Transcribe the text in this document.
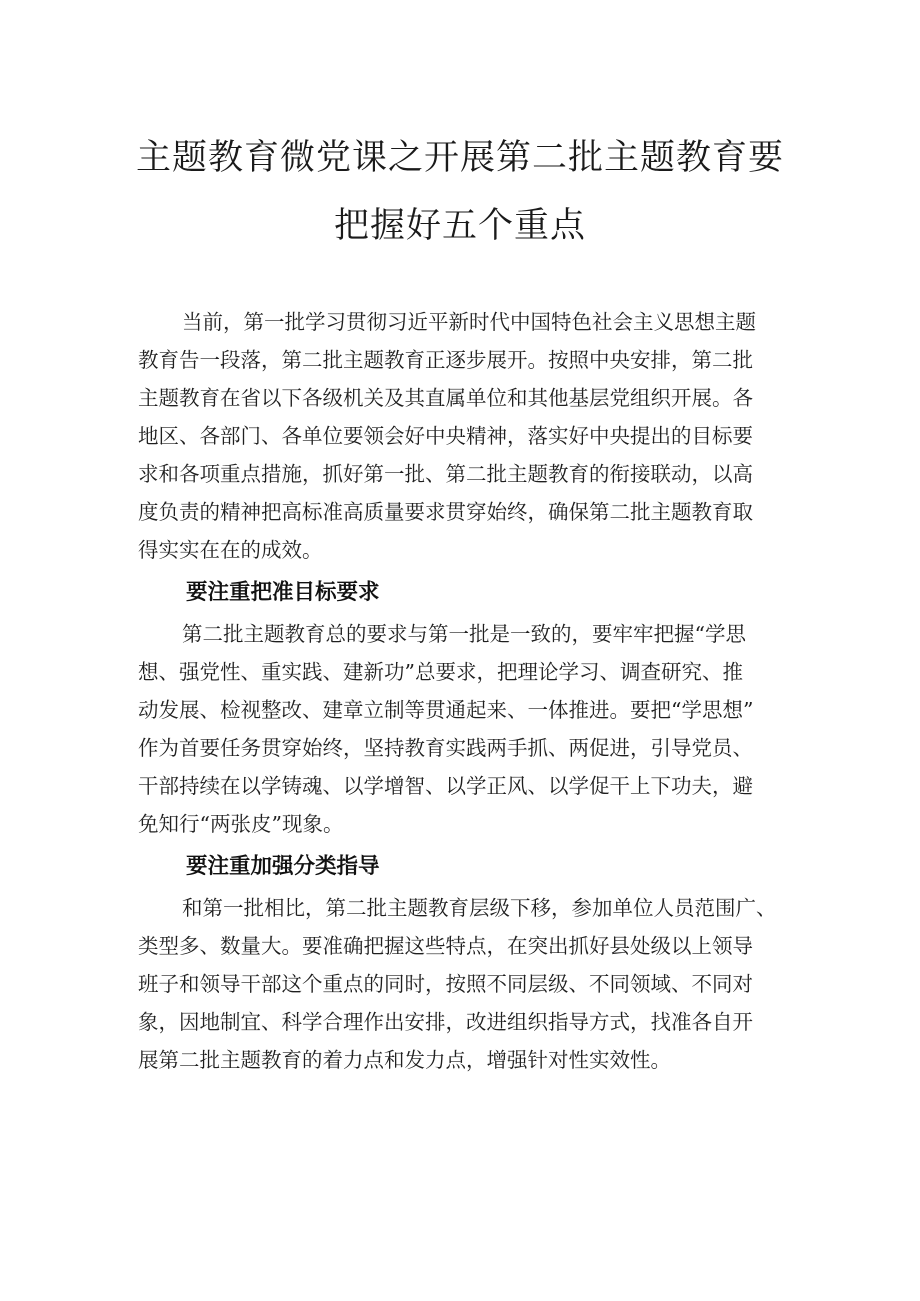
主题教育微党课之开展第二批主题教育要
把握好五个重点
当前，第一批学习贯彻习近平新时代中国特色社会主义思想主题
教育告一段落，第二批主题教育正逐步展开。按照中央安排，第二批
主题教育在省以下各级机关及其直属单位和其他基层党组织开展。各
地区、各部门、各单位要领会好中央精神，落实好中央提出的目标要
求和各项重点措施，抓好第一批、第二批主题教育的衔接联动，以高
度负责的精神把高标准高质量要求贯穿始终，确保第二批主题教育取
得实实在在的成效。
要注重把准目标要求
第二批主题教育总的要求与第一批是一致的，要牢牢把握“学思
想、强党性、重实践、建新功”总要求，把理论学习、调查研究、推
动发展、检视整改、建章立制等贯通起来、一体推进。要把“学思想”
作为首要任务贯穿始终，坚持教育实践两手抓、两促进，引导党员、
干部持续在以学铸魂、以学增智、以学正风、以学促干上下功夫，避
免知行“两张皮”现象。
要注重加强分类指导
和第一批相比，第二批主题教育层级下移，参加单位人员范围广、
类型多、数量大。要准确把握这些特点，在突出抓好县处级以上领导
班子和领导干部这个重点的同时，按照不同层级、不同领域、不同对
象，因地制宜、科学合理作出安排，改进组织指导方式，找准各自开
展第二批主题教育的着力点和发力点，增强针对性实效性。
